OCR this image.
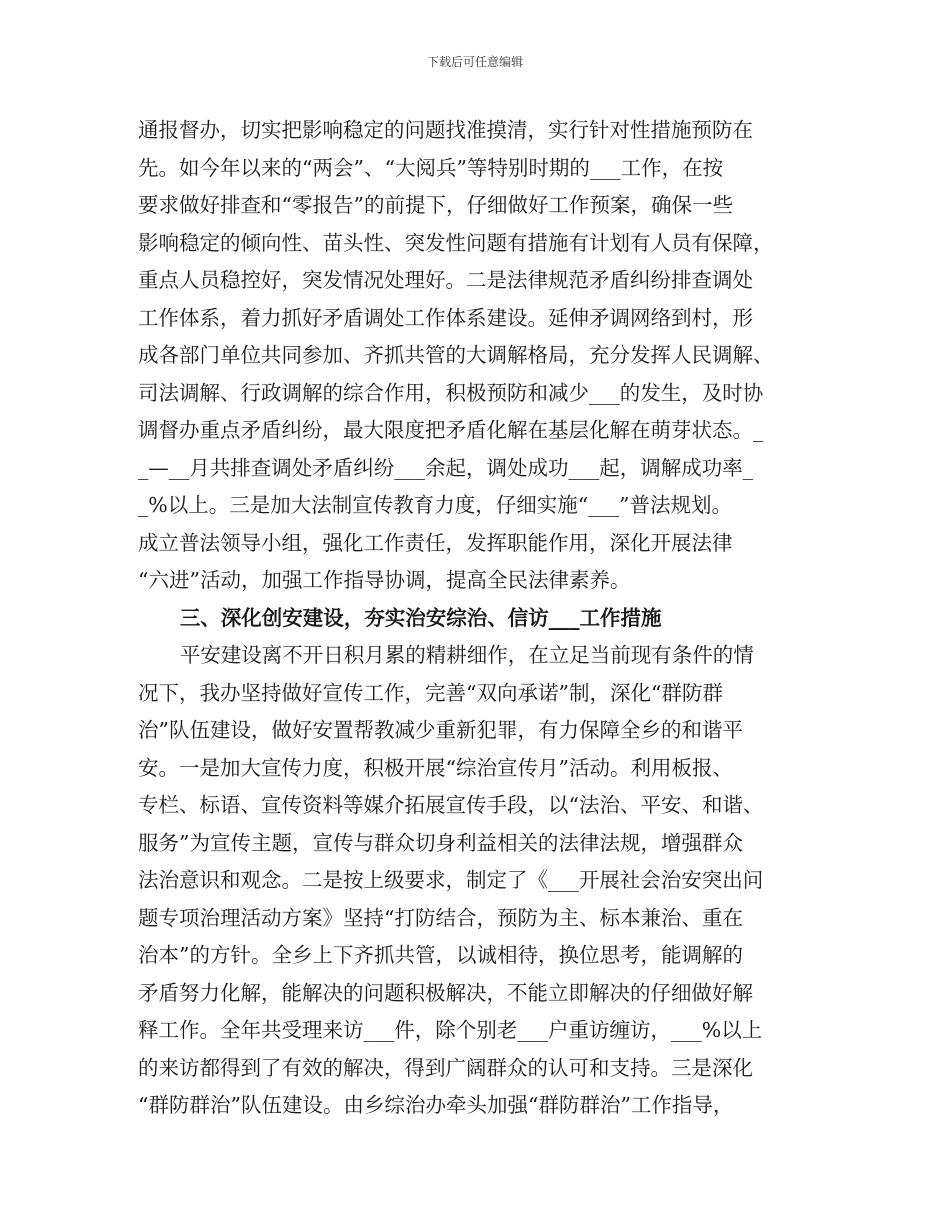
下载后可任意编辑
通报督办，切实把影响稳定的问题找准摸清，实行针对性措施预防在
先。如今年以来的“两会”、“大阅兵”等特别时期的___工作，在按
要求做好排查和“零报告”的前提下，仔细做好工作预案，确保一些
影响稳定的倾向性、苗头性、突发性问题有措施有计划有人员有保障，
重点人员稳控好，突发情况处理好。二是法律规范矛盾纠纷排查调处
工作体系，着力抓好矛盾调处工作体系建设。延伸矛调网络到村，形
成各部门单位共同参加、齐抓共管的大调解格局，充分发挥人民调解、
司法调解、行政调解的综合作用，积极预防和减少___的发生，及时协
调督办重点矛盾纠纷，最大限度把矛盾化解在基层化解在萌芽状态。_
_—__月共排查调处矛盾纠纷___余起，调处成功___起，调解成功率_
_%以上。三是加大法制宣传教育力度，仔细实施“___”普法规划。
成立普法领导小组，强化工作责任，发挥职能作用，深化开展法律
“六进”活动，加强工作指导协调，提高全民法律素养。
三、深化创安建设，夯实治安综治、信访___工作措施
平安建设离不开日积月累的精耕细作，在立足当前现有条件的情
况下，我办坚持做好宣传工作，完善“双向承诺”制，深化“群防群
治”队伍建设，做好安置帮教减少重新犯罪，有力保障全乡的和谐平
安。一是加大宣传力度，积极开展“综治宣传月”活动。利用板报、
专栏、标语、宣传资料等媒介拓展宣传手段，以“法治、平安、和谐、
服务”为宣传主题，宣传与群众切身利益相关的法律法规，增强群众
法治意识和观念。二是按上级要求，制定了《___开展社会治安突出问
题专项治理活动方案》坚持“打防结合，预防为主、标本兼治、重在
治本”的方针。全乡上下齐抓共管，以诚相待，换位思考，能调解的
矛盾努力化解，能解决的问题积极解决，不能立即解决的仔细做好解
释工作。全年共受理来访___件，除个别老___户重访缠访，___%以上
的来访都得到了有效的解决，得到广阔群众的认可和支持。三是深化
“群防群治”队伍建设。由乡综治办牵头加强“群防群治”工作指导，
